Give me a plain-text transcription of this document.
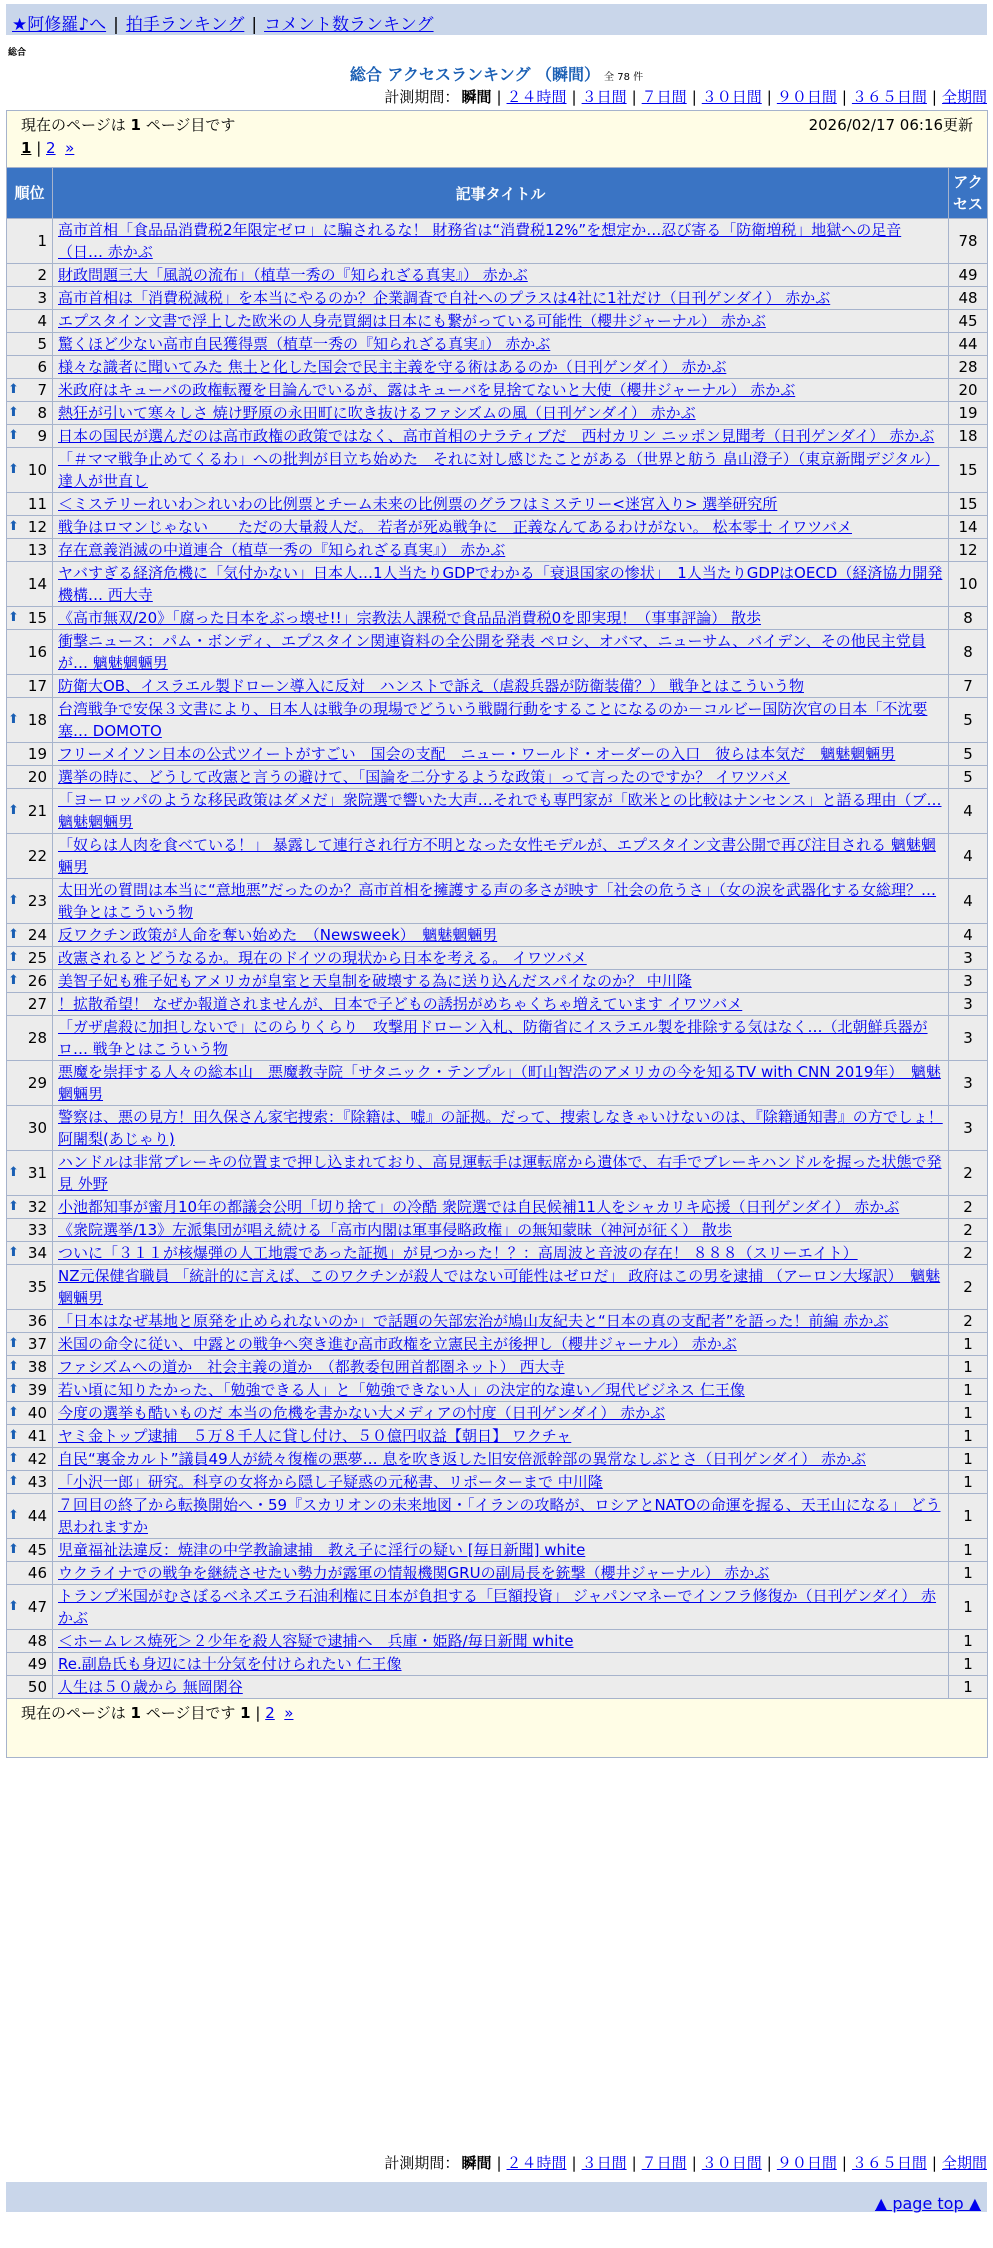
★阿修羅♪へ | 拍手ランキング | コメント数ランキング
総合
総合 アクセスランキング （瞬間） 全 78 件
計測期間： 瞬間 | ２４時間 | ３日間 | ７日間 | ３０日間 | ９０日間 | ３６５日間 | 全期間
2026/02/17 06:16更新
現在のページは 1 ページ目です
1 | 2 »		

順位	記事タイトル	アクセス
1	高市首相「食品品消費税2年限定ゼロ」に騙されるな！ 財務省は“消費税12%”を想定か…忍び寄る「防衛増税」地獄への足音（日… 赤かぶ	78
2	財政問題三大「風説の流布」（植草一秀の『知られざる真実』） 赤かぶ	49
3	高市首相は「消費税減税」を本当にやるのか？企業調査で自社へのプラスは4社に1社だけ（日刊ゲンダイ） 赤かぶ	48
4	エプスタイン文書で浮上した欧米の人身売買網は日本にも繋がっている可能性（櫻井ジャーナル） 赤かぶ	45
5	驚くほど少ない高市自民獲得票（植草一秀の『知られざる真実』） 赤かぶ	44
6	様々な識者に聞いてみた 焦土と化した国会で民主主義を守る術はあるのか（日刊ゲンダイ） 赤かぶ	28

⬆ 7	米政府はキューバの政権転覆を目論んでいるが、露はキューバを見捨てないと大使（櫻井ジャーナル） 赤かぶ	20

⬆ 8	熱狂が引いて寒々しさ 焼け野原の永田町に吹き抜けるファシズムの風（日刊ゲンダイ） 赤かぶ	19

⬆ 9	日本の国民が選んだのは高市政権の政策ではなく、高市首相のナラティブだ　西村カリン ニッポン見聞考（日刊ゲンダイ） 赤かぶ	18

⬆ 10	「＃ママ戦争止めてくるわ」への批判が目立ち始めた　それに対し感じたことがある（世界と舫う 畠山澄子）（東京新聞デジタル） 達人が世直し	15
11	＜ミステリーれいわ＞れいわの比例票とチーム未来の比例票のグラフはミステリー<迷宮入り> 選挙研究所	15

⬆ 12	戦争はロマンじゃない　　ただの大量殺人だ。 若者が死ぬ戦争に　正義なんてあるわけがない。 松本零士 イワツバメ	14
13	存在意義消滅の中道連合（植草一秀の『知られざる真実』） 赤かぶ	12
14	ヤバすぎる経済危機に「気付かない」日本人…1人当たりGDPでわかる「衰退国家の惨状」　1人当たりGDPはOECD（経済協力開発機構… 西大寺	10

⬆ 15	《高市無双/20》「腐った日本をぶっ壊せ!!」宗教法人課税で食品品消費税0を即実現！（事事評論） 散歩	8
16	衝撃ニュース：パム・ボンディ、エプスタイン関連資料の全公開を発表 ペロシ、オバマ、ニューサム、バイデン、その他民主党員が… 魑魅魍魎男	8
17	防衛大OB、イスラエル製ドローン導入に反対　ハンストで訴え（虐殺兵器が防衛装備？） 戦争とはこういう物	7

⬆ 18	台湾戦争で安保３文書により、日本人は戦争の現場でどういう戦闘行動をすることになるのか－コルビー国防次官の日本「不沈要塞… DOMOTO	5
19	フリーメイソン日本の公式ツイートがすごい　国会の支配　ニュー・ワールド・オーダーの入口　彼らは本気だ　魑魅魍魎男	5
20	選挙の時に、どうして改憲と言うの避けて、「国論を二分するような政策」って言ったのですか？ イワツバメ	5

⬆ 21	「ヨーロッパのような移民政策はダメだ」衆院選で響いた大声…それでも専門家が「欧米との比較はナンセンス」と語る理由（ブ… 魑魅魍魎男	4
22	「奴らは人肉を食べている！」 暴露して連行され行方不明となった女性モデルが、エプスタイン文書公開で再び注目される 魑魅魍魎男	4

⬆ 23	太田光の質問は本当に“意地悪”だったのか？高市首相を擁護する声の多さが映す「社会の危うさ」（女の涙を武器化する女総理？… 戦争とはこういう物	4

⬆ 24	反ワクチン政策が人命を奪い始めた　（Newsweek）　魑魅魍魎男	4

⬆ 25	改憲されるとどうなるか。現在のドイツの現状から日本を考える。 イワツバメ	3

⬆ 26	美智子妃も雅子妃もアメリカが皇室と天皇制を破壊する為に送り込んだスパイなのか？ 中川隆	3
27	！拡散希望！ なぜか報道されませんが、日本で子どもの誘拐がめちゃくちゃ増えています イワツバメ	3
28	「ガザ虐殺に加担しないで」にのらりくらり　攻撃用ドローン入札、防衛省にイスラエル製を排除する気はなく…（北朝鮮兵器がロ… 戦争とはこういう物	3
29	悪魔を崇拝する人々の総本山　悪魔教寺院「サタニック・テンプル」（町山智浩のアメリカの今を知るTV with CNN 2019年）　魑魅魍魎男	3
30	警察は、悪の見方！田久保さん家宅捜索：『除籍は、嘘』の証拠。だって、捜索しなきゃいけないのは、『除籍通知書』の方でしょ！ 阿闍梨(あじゃり)	3

⬆ 31	ハンドルは非常ブレーキの位置まで押し込まれており、高見運転手は運転席から遺体で、右手でブレーキハンドルを握った状態で発見 外野	2

⬆ 32	小池都知事が蜜月10年の都議会公明「切り捨て」の冷酷 衆院選では自民候補11人をシャカリキ応援（日刊ゲンダイ） 赤かぶ	2
33	《衆院選挙/13》左派集団が唱え続ける「高市内閣は軍事侵略政権」の無知蒙昧（神河が征く） 散歩	2

⬆ 34	ついに「３１１が核爆弾の人工地震であった証拠」が見つかった！？：高周波と音波の存在！ ８８８（スリーエイト）	2
35	NZ元保健省職員 「統計的に言えば、このワクチンが殺人ではない可能性はゼロだ」 政府はこの男を逮捕 （アーロン大塚訳）　魑魅魍魎男	2
36	「日本はなぜ基地と原発を止められないのか」で話題の矢部宏治が鳩山友紀夫と“日本の真の支配者”を語った！前編 赤かぶ	2

⬆ 37	米国の命令に従い、中露との戦争へ突き進む高市政権を立憲民主が後押し（櫻井ジャーナル） 赤かぶ	1

⬆ 38	ファシズムへの道か　社会主義の道か　（都教委包囲首都圏ネット） 西大寺	1

⬆ 39	若い頃に知りたかった、「勉強できる人」と「勉強できない人」の決定的な違い／現代ビジネス 仁王像	1

⬆ 40	今度の選挙も酷いものだ 本当の危機を書かない大メディアの忖度（日刊ゲンダイ） 赤かぶ	1

⬆ 41	ヤミ金トップ逮捕　５万８千人に貸し付け、５０億円収益【朝日】 ワクチャ	1

⬆ 42	自民“裏金カルト”議員49人が続々復権の悪夢… 息を吹き返した旧安倍派幹部の異常なしぶとさ（日刊ゲンダイ） 赤かぶ	1

⬆ 43	「小沢一郎」研究。科亨の女将から隠し子疑惑の元秘書、リポーターまで 中川隆	1

⬆ 44	７回目の終了から転換開始へ・59『スカリオンの未来地図・「イランの攻略が、ロシアとNATOの命運を握る、天王山になる」 どう思われますか	1

⬆ 45	児童福祉法違反：焼津の中学教諭逮捕　教え子に淫行の疑い [毎日新聞] white	1
46	ウクライナでの戦争を継続させたい勢力が露軍の情報機関GRUの副局長を銃撃（櫻井ジャーナル） 赤かぶ	1

⬆ 47	トランプ米国がむさぼるベネズエラ石油利権に日本が負担する「巨額投資」 ジャパンマネーでインフラ修復か（日刊ゲンダイ） 赤かぶ	1
48	＜ホームレス焼死＞２少年を殺人容疑で逮捕へ　兵庫・姫路/毎日新聞 white	1
49	Re.副島氏も身辺には十分気を付けられたい 仁王像	1
50	人生は５０歳から 無岡閑谷	1
現在のページは 1 ページ目です 1 | 2 »		
計測期間： 瞬間 | ２４時間 | ３日間 | ７日間 | ３０日間 | ９０日間 | ３６５日間 | 全期間
▲ page top ▲
